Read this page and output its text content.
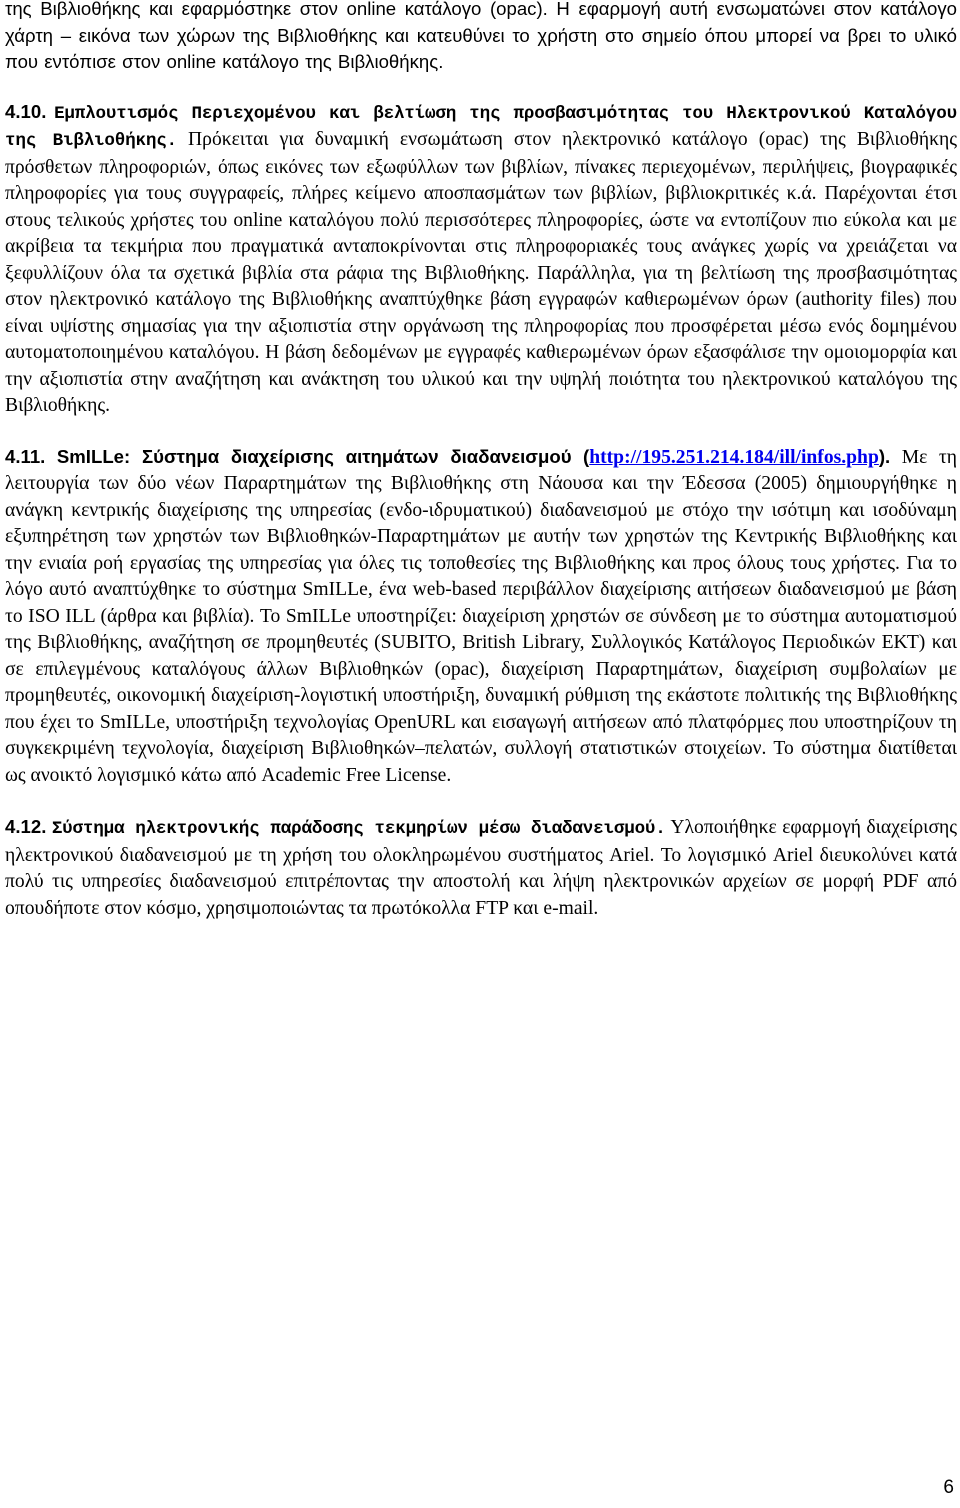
της Βιβλιοθήκης και εφαρμόστηκε στον online κατάλογο (opac). Η εφαρμογή αυτή ενσωματώνει στον κατάλογο χάρτη – εικόνα των χώρων της Βιβλιοθήκης και κατευθύνει το χρήστη στο σημείο όπου μπορεί να βρει το υλικό που εντόπισε στον online κατάλογο της Βιβλιοθήκης.

4.10. Εμπλουτισμός Περιεχομένου και βελτίωση της προσβασιμότητας του Ηλεκτρονικού Καταλόγου της Βιβλιοθήκης. Πρόκειται για δυναμική ενσωμάτωση στον ηλεκτρονικό κατάλογο (opac) της Βιβλιοθήκης πρόσθετων πληροφοριών, όπως εικόνες των εξωφύλλων των βιβλίων, πίνακες περιεχομένων, περιλήψεις, βιογραφικές πληροφορίες για τους συγγραφείς, πλήρες κείμενο αποσπασμάτων των βιβλίων, βιβλιοκριτικές κ.ά. Παρέχονται έτσι στους τελικούς χρήστες του online καταλόγου πολύ περισσότερες πληροφορίες, ώστε να εντοπίζουν πιο εύκολα και με ακρίβεια τα τεκμήρια που πραγματικά ανταποκρίνονται στις πληροφοριακές τους ανάγκες χωρίς να χρειάζεται να ξεφυλλίζουν όλα τα σχετικά βιβλία στα ράφια της Βιβλιοθήκης. Παράλληλα, για τη βελτίωση της προσβασιμότητας στον ηλεκτρονικό κατάλογο της Βιβλιοθήκης αναπτύχθηκε βάση εγγραφών καθιερωμένων όρων (authority files) που είναι υψίστης σημασίας για την αξιοπιστία στην οργάνωση της πληροφορίας που προσφέρεται μέσω ενός δομημένου αυτοματοποιημένου καταλόγου. Η βάση δεδομένων με εγγραφές καθιερωμένων όρων εξασφάλισε την ομοιομορφία και την αξιοπιστία στην αναζήτηση και ανάκτηση του υλικού και την υψηλή ποιότητα του ηλεκτρονικού καταλόγου της Βιβλιοθήκης.

4.11. SmILLe: Σύστημα διαχείρισης αιτημάτων διαδανεισμού (http://195.251.214.184/ill/infos.php). Με τη λειτουργία των δύο νέων Παραρτημάτων της Βιβλιοθήκης στη Νάουσα και την Έδεσσα (2005) δημιουργήθηκε η ανάγκη κεντρικής διαχείρισης της υπηρεσίας (ενδο-ιδρυματικού) διαδανεισμού με στόχο την ισότιμη και ισοδύναμη εξυπηρέτηση των χρηστών των Βιβλιοθηκών-Παραρτημάτων με αυτήν των χρηστών της Κεντρικής Βιβλιοθήκης και την ενιαία ροή εργασίας της υπηρεσίας για όλες τις τοποθεσίες της Βιβλιοθήκης και προς όλους τους χρήστες. Για το λόγο αυτό αναπτύχθηκε το σύστημα SmILLe, ένα web-based περιβάλλον διαχείρισης αιτήσεων διαδανεισμού με βάση το ISO ILL (άρθρα και βιβλία). Το SmILLe υποστηρίζει: διαχείριση χρηστών σε σύνδεση με το σύστημα αυτοματισμού της Βιβλιοθήκης, αναζήτηση σε προμηθευτές (SUBITO, British Library, Συλλογικός Κατάλογος Περιοδικών ΕΚΤ) και σε επιλεγμένους καταλόγους άλλων Βιβλιοθηκών (opac), διαχείριση Παραρτημάτων, διαχείριση συμβολαίων με προμηθευτές, οικονομική διαχείριση-λογιστική υποστήριξη, δυναμική ρύθμιση της εκάστοτε πολιτικής της Βιβλιοθήκης που έχει το SmILLe, υποστήριξη τεχνολογίας OpenURL και εισαγωγή αιτήσεων από πλατφόρμες που υποστηρίζουν τη συγκεκριμένη τεχνολογία, διαχείριση Βιβλιοθηκών–πελατών, συλλογή στατιστικών στοιχείων. Το σύστημα διατίθεται ως ανοικτό λογισμικό κάτω από Academic Free License.

4.12. Σύστημα ηλεκτρονικής παράδοσης τεκμηρίων μέσω διαδανεισμού. Υλοποιήθηκε εφαρμογή διαχείρισης ηλεκτρονικού διαδανεισμού με τη χρήση του ολοκληρωμένου συστήματος Ariel. Το λογισμικό Ariel διευκολύνει κατά πολύ τις υπηρεσίες διαδανεισμού επιτρέποντας την αποστολή και λήψη ηλεκτρονικών αρχείων σε μορφή PDF από οπουδήποτε στον κόσμο, χρησιμοποιώντας τα πρωτόκολλα FTP και e-mail.

6
